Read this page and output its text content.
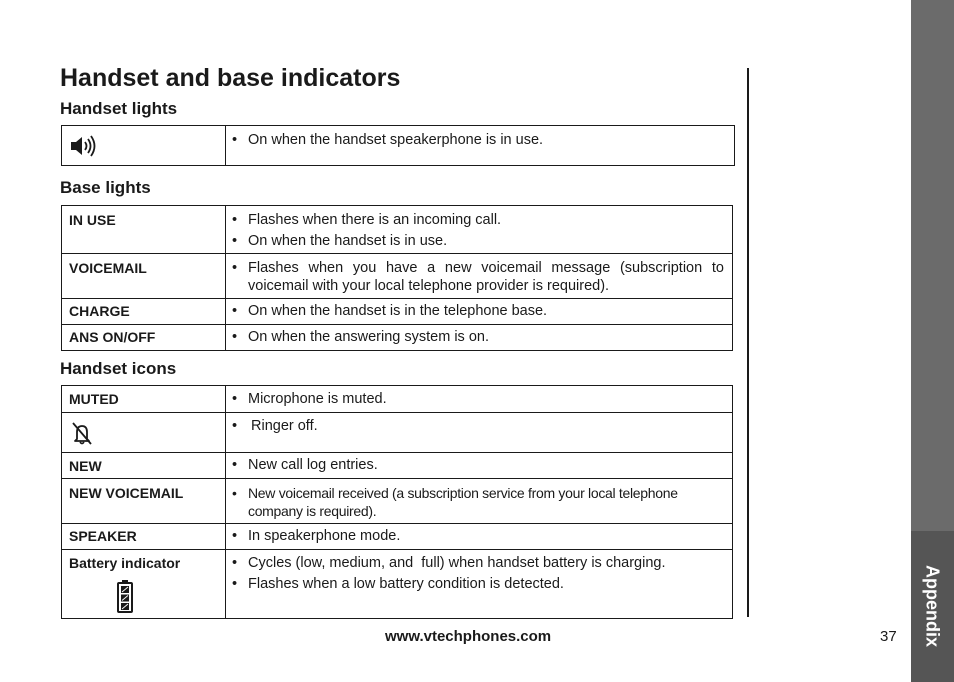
Handset and base indicators
Handset lights

• On when the handset speakerphone is in use.
Base lights
IN USE	• Flashes when there is an incoming call.
• On when the handset is in use.

VOICEMAIL	• Flashes when you have a new voicemail message (subscription to voicemail with your local telephone provider is required).

CHARGE	• On when the handset is in the telephone base.

ANS ON/OFF	• On when the answering system is on.
Handset icons
MUTED	• Microphone is muted.

• Ringer off.

NEW	• New call log entries.

NEW VOICEMAIL	• New voicemail received (a subscription service from your local telephone company is required).

SPEAKER	• In speakerphone mode.

Battery indicator	• Cycles (low, medium, and  full) when handset battery is charging.
• Flashes when a low battery condition is detected.	Appendix
www.vtechphones.com	37
